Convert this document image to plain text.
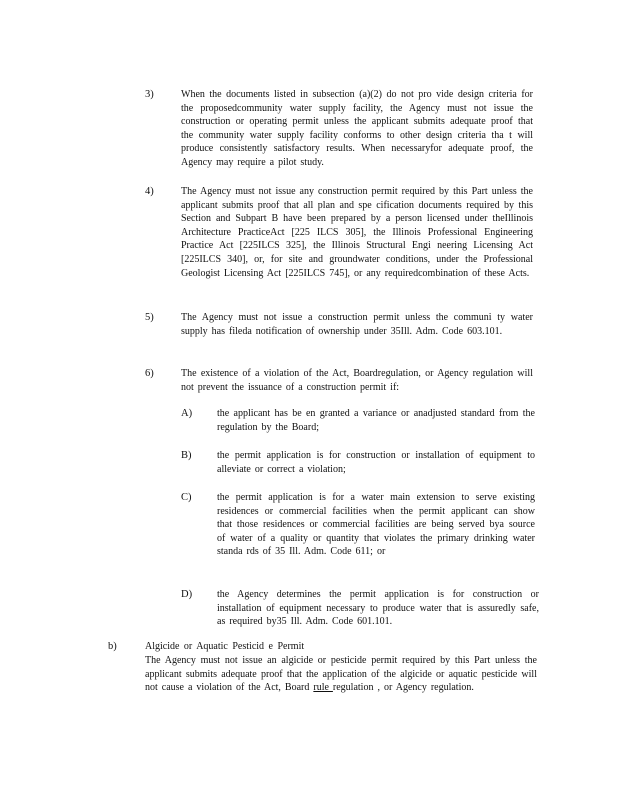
3)	When the documents listed in subsection (a)(2) do not pro vide design criteria for the proposedcommunity water supply facility, the Agency must not issue the construction or operating permit unless the applicant submits adequate proof that the community water supply facility conforms to other design criteria tha t will produce consistently satisfactory results. When necessaryfor adequate proof, the Agency may require a pilot study.
4)	The Agency must not issue any construction permit required by this Part unless the applicant submits proof that all plan and spe cification documents required by this Section and Subpart B have been prepared by a person licensed under theIllinois Architecture PracticeAct [225 ILCS 305], the Illinois Professional Engineering Practice Act [225ILCS 325], the Illinois Structural Engi neering Licensing Act [225ILCS 340], or, for site and groundwater conditions, under the Professional Geologist Licensing Act [225ILCS 745], or any requiredcombination of these Acts.
5)	The Agency must not issue a construction permit unless the communi ty water supply has fileda notification of ownership under 35Ill. Adm. Code 603.101.
6)	The existence of a violation of the Act, Boardregulation, or Agency regulation will not prevent the issuance of a construction permit if:
A) the applicant has be en granted a variance or anadjusted standard from the regulation by the Board;
B)	the permit application is for construction or installation of equipment to alleviate or correct a violation;
C)	the permit application is for a water main extension to serve existing residences or commercial facilities when the permit applicant can show that those residences or commercial facilities are being served bya source of water of a quality or quantity that violates the primary drinking water standa rds of 35 Ill. Adm. Code 611; or
D) the Agency determines the permit application is for construction or installation of equipment necessary to produce water that is assuredly safe, as required by35 Ill. Adm. Code 601.101.
b)	Algicide or Aquatic Pesticid e Permit
The Agency must not issue an algicide or pesticide permit required by this Part unless the applicant submits adequate proof that the application of the algicide or aquatic pesticide will not cause a violation of the Act, Board rule regulation , or Agency regulation.
